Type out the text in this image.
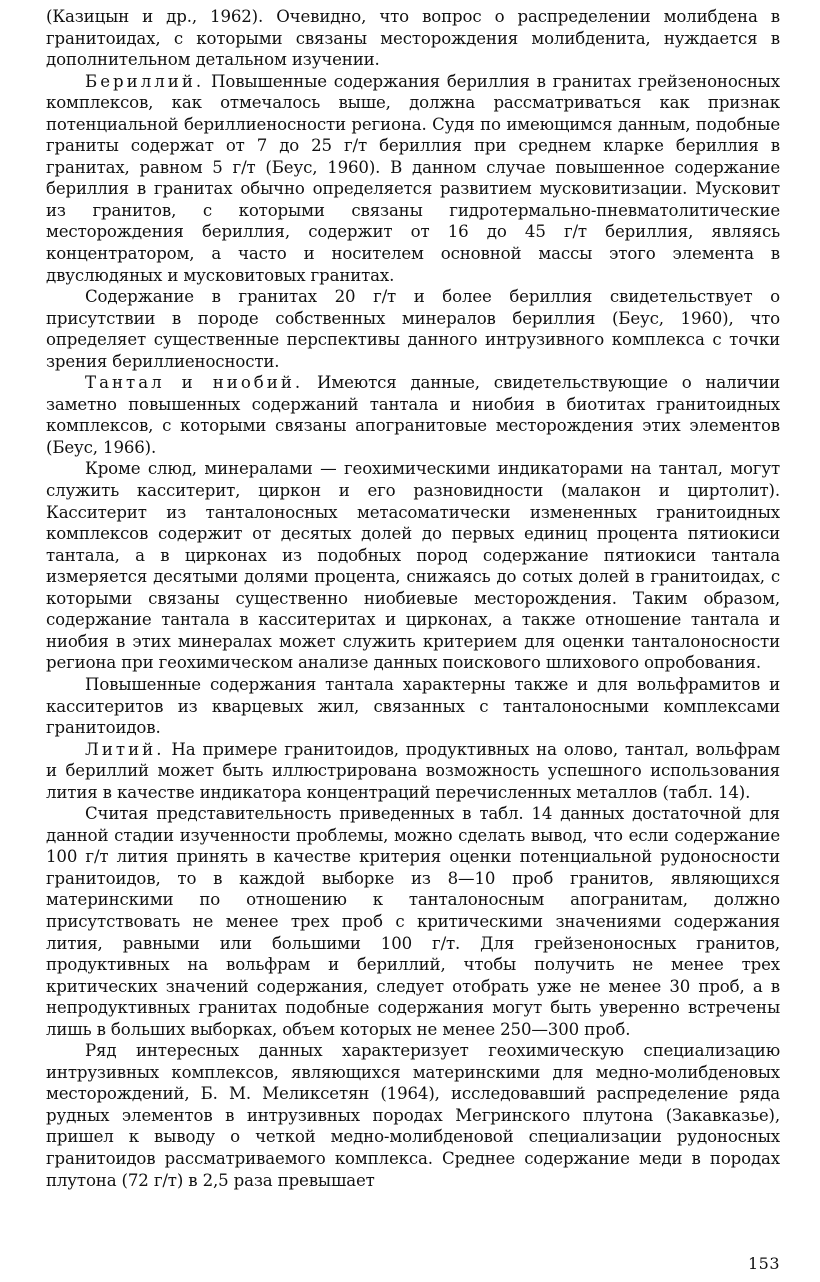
(Казицын и др., 1962). Очевидно, что вопрос о распределении молибдена в гранитоидах, с которыми связаны месторождения молибденита, нуждается в дополнительном детальном изучении.

Бериллий. Повышенные содержания бериллия в гранитах грейзеноносных комплексов, как отмечалось выше, должна рассматриваться как признак потенциальной бериллиеносности региона. Судя по имеющимся данным, подобные граниты содержат от 7 до 25 г/т бериллия при среднем кларке бериллия в гранитах, равном 5 г/т (Беус, 1960). В данном случае повышенное содержание бериллия в гранитах обычно определяется развитием мусковитизации. Мусковит из гранитов, с которыми связаны гидротермально-пневматолитические месторождения бериллия, содержит от 16 до 45 г/т бериллия, являясь концентратором, а часто и носителем основной массы этого элемента в двуслюдяных и мусковитовых гранитах.

Содержание в гранитах 20 г/т и более бериллия свидетельствует о присутствии в породе собственных минералов бериллия (Беус, 1960), что определяет существенные перспективы данного интрузивного комплекса с точки зрения бериллиеносности.

Тантал и ниобий. Имеются данные, свидетельствующие о наличии заметно повышенных содержаний тантала и ниобия в биотитах гранитоидных комплексов, с которыми связаны апогранитовые месторождения этих элементов (Беус, 1966).

Кроме слюд, минералами — геохимическими индикаторами на тантал, могут служить касситерит, циркон и его разновидности (малакон и циртолит). Касситерит из танталоносных метасоматически измененных гранитоидных комплексов содержит от десятых долей до первых единиц процента пятиокиси тантала, а в цирконах из подобных пород содержание пятиокиси тантала измеряется десятыми долями процента, снижаясь до сотых долей в гранитоидах, с которыми связаны существенно ниобиевые месторождения. Таким образом, содержание тантала в касситеритах и цирконах, а также отношение тантала и ниобия в этих минералах может служить критерием для оценки танталоносности региона при геохимическом анализе данных поискового шлихового опробования.

Повышенные содержания тантала характерны также и для вольфрамитов и касситеритов из кварцевых жил, связанных с танталоносными комплексами гранитоидов.

Литий. На примере гранитоидов, продуктивных на олово, тантал, вольфрам и бериллий может быть иллюстрирована возможность успешного использования лития в качестве индикатора концентраций перечисленных металлов (табл. 14).

Считая представительность приведенных в табл. 14 данных достаточной для данной стадии изученности проблемы, можно сделать вывод, что если содержание 100 г/т лития принять в качестве критерия оценки потенциальной рудоносности гранитоидов, то в каждой выборке из 8—10 проб гранитов, являющихся материнскими по отношению к танталоносным апогранитам, должно присутствовать не менее трех проб с критическими значениями содержания лития, равными или большими 100 г/т. Для грейзеноносных гранитов, продуктивных на вольфрам и бериллий, чтобы получить не менее трех критических значений содержания, следует отобрать уже не менее 30 проб, а в непродуктивных гранитах подобные содержания могут быть уверенно встречены лишь в больших выборках, объем которых не менее 250—300 проб.

Ряд интересных данных характеризует геохимическую специализацию интрузивных комплексов, являющихся материнскими для медно-молибденовых месторождений, Б. М. Меликсетян (1964), исследовавший распределение ряда рудных элементов в интрузивных породах Мегринского плутона (Закавказье), пришел к выводу о четкой медно-молибденовой специализации рудоносных гранитоидов рассматриваемого комплекса. Среднее содержание меди в породах плутона (72 г/т) в 2,5 раза превышает

153
